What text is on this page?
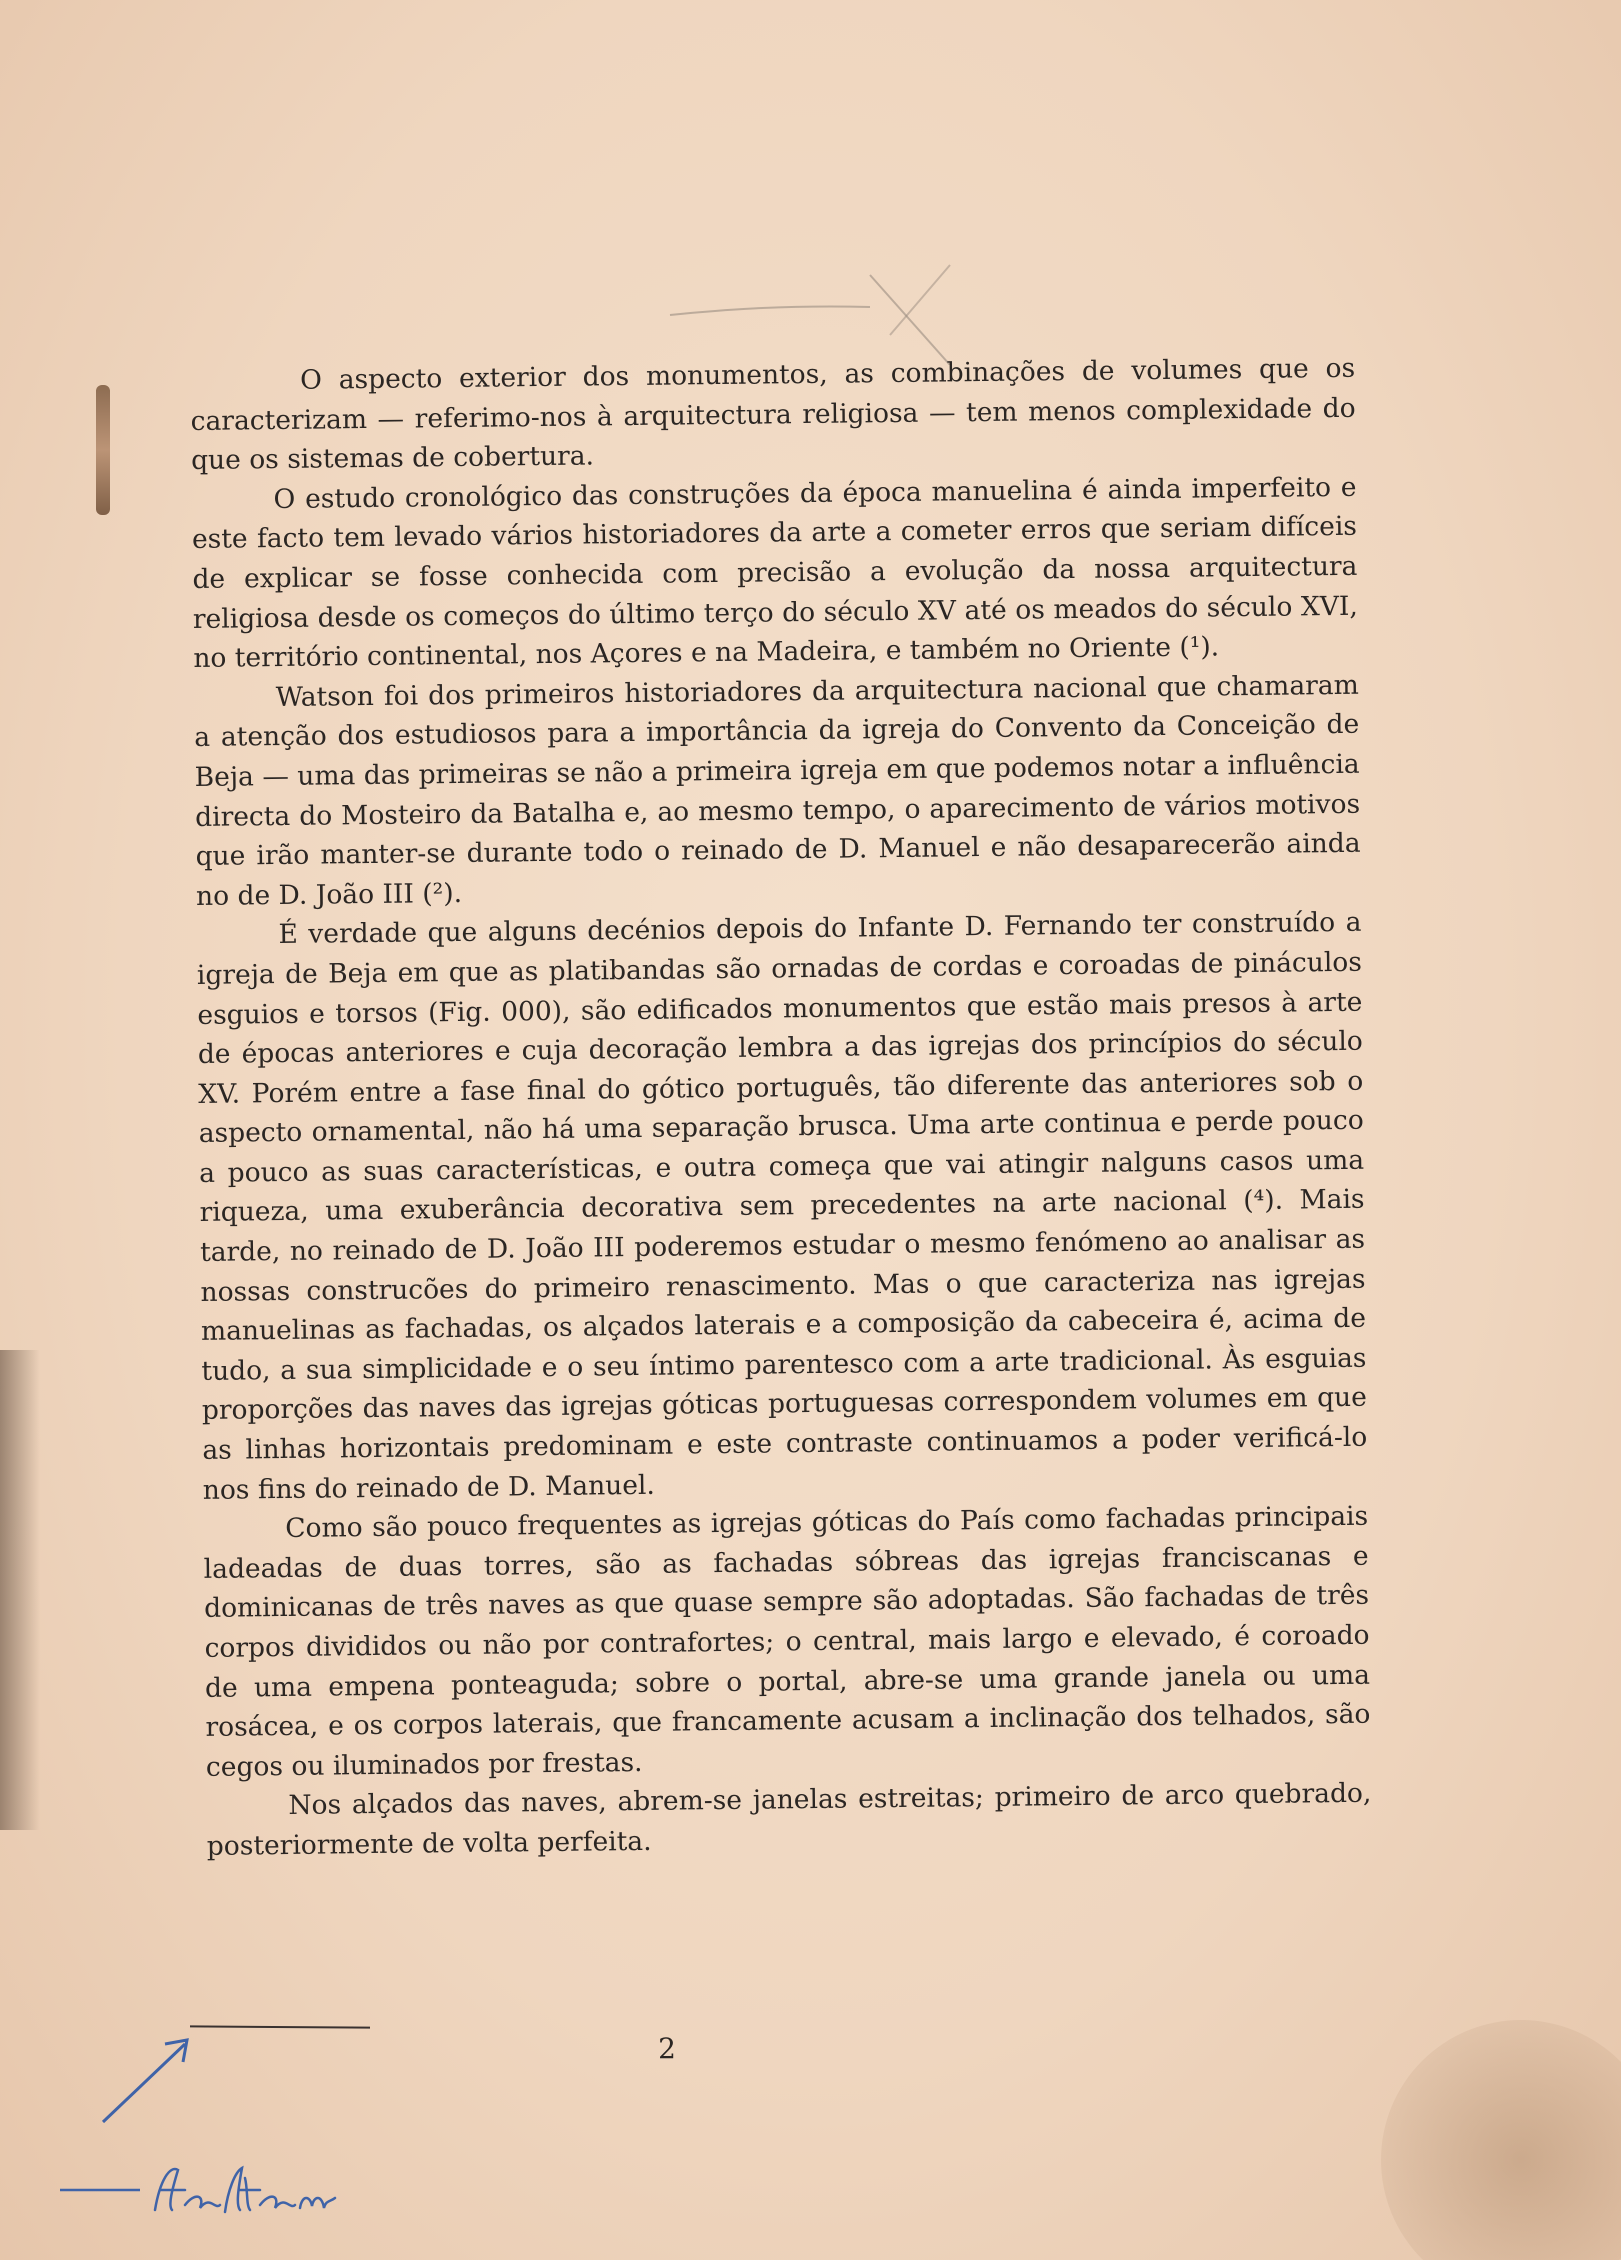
O aspecto exterior dos monumentos, as combinações de volumes que os caracterizam — referimo-nos à arquitectura religiosa — tem menos complexidade do que os sistemas de cobertura.

O estudo cronológico das construções da época manuelina é ainda imperfeito e este facto tem levado vários historiadores da arte a cometer erros que seriam difíceis de explicar se fosse conhecida com precisão a evolução da nossa arquitectura religiosa desde os começos do último terço do século XV até os meados do século XVI, no território continental, nos Açores e na Madeira, e também no Oriente (¹).

Watson foi dos primeiros historiadores da arquitectura nacional que chamaram a atenção dos estudiosos para a importância da igreja do Convento da Conceição de Beja — uma das primeiras se não a primeira igreja em que podemos notar a influência directa do Mosteiro da Batalha e, ao mesmo tempo, o aparecimento de vários motivos que irão manter-se durante todo o reinado de D. Manuel e não desaparecerão ainda no de D. João III (²).

É verdade que alguns decénios depois do Infante D. Fernando ter construído a igreja de Beja em que as platibandas são ornadas de cordas e coroadas de pináculos esguios e torsos (Fig. 000), são edificados monumentos que estão mais presos à arte de épocas anteriores e cuja decoração lembra a das igrejas dos princípios do século XV. Porém entre a fase final do gótico português, tão diferente das anteriores sob o aspecto ornamental, não há uma separação brusca. Uma arte continua e perde pouco a pouco as suas características, e outra começa que vai atingir nalguns casos uma riqueza, uma exuberância decorativa sem precedentes na arte nacional (⁴). Mais tarde, no reinado de D. João III poderemos estudar o mesmo fenómeno ao analisar as nossas construcões do primeiro renascimento. Mas o que caracteriza nas igrejas manuelinas as fachadas, os alçados laterais e a composição da cabeceira é, acima de tudo, a sua simplicidade e o seu íntimo parentesco com a arte tradicional. Às esguias proporções das naves das igrejas góticas portuguesas correspondem volumes em que as linhas horizontais predominam e este contraste continuamos a poder verificá-lo nos fins do reinado de D. Manuel.

Como são pouco frequentes as igrejas góticas do País como fachadas principais ladeadas de duas torres, são as fachadas sóbreas das igrejas franciscanas e dominicanas de três naves as que quase sempre são adoptadas. São fachadas de três corpos divididos ou não por contrafortes; o central, mais largo e elevado, é coroado de uma empena ponteaguda; sobre o portal, abre-se uma grande janela ou uma rosácea, e os corpos laterais, que francamente acusam a inclinação dos telhados, são cegos ou iluminados por frestas.

Nos alçados das naves, abrem-se janelas estreitas; primeiro de arco quebrado, posteriormente de volta perfeita.

2
